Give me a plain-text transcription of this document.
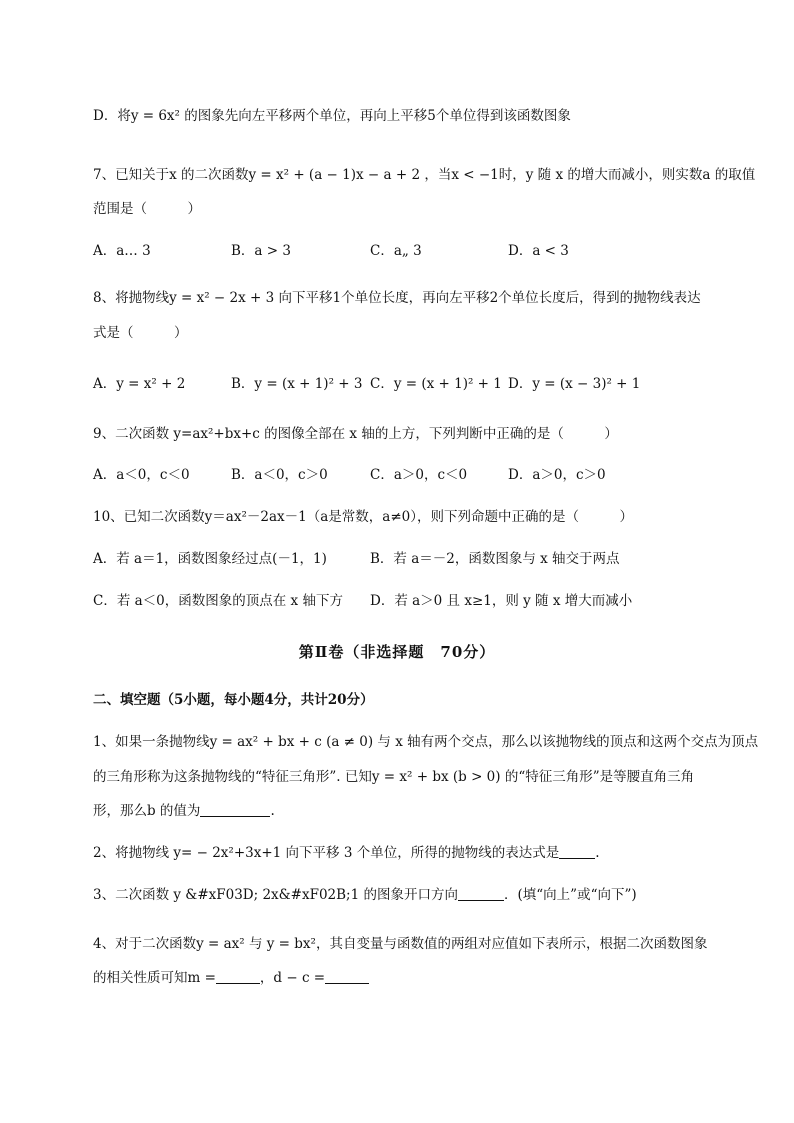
D．将y = 6x² 的图象先向左平移两个单位，再向上平移5个单位得到该函数图象
7、已知关于x 的二次函数y = x² + (a − 1)x − a + 2 ，当x < −1时，y 随 x 的增大而减小，则实数a 的取值
范围是（　　　）
A．a… 3	B．a > 3	C．a„ 3	D．a < 3
8、将抛物线y = x² − 2x + 3 向下平移1个单位长度，再向左平移2个单位长度后，得到的抛物线表达
式是（　　　）
A．y = x² + 2	B．y = (x + 1)² + 3 C．y = (x + 1)² + 1 D．y = (x − 3)² + 1
9、二次函数 y=ax²+bx+c 的图像全部在 x 轴的上方，下列判断中正确的是（　　　）
A．a＜0，c＜0	B．a＜0，c＞0	C．a＞0，c＜0	D．a＞0，c＞0
10、已知二次函数y＝ax²－2ax－1（a是常数，a≠0），则下列命题中正确的是（　　　）
A．若 a＝1，函数图象经过点(－1，1)	B．若 a＝－2，函数图象与 x 轴交于两点
C．若 a＜0，函数图象的顶点在 x 轴下方 D．若 a＞0 且 x≥1，则 y 随 x 增大而减小
第Ⅱ卷（非选择题　70分）
二、填空题（5小题，每小题4分，共计20分）
1、如果一条抛物线y = ax² + bx + c (a ≠ 0) 与 x 轴有两个交点，那么以该抛物线的顶点和这两个交点为顶点
的三角形称为这条抛物线的“特征三角形”. 已知y = x² + bx (b > 0) 的“特征三角形”是等腰直角三角
形，那么b 的值为	.
2、将抛物线 y= − 2x²+3x+1 向下平移 3 个单位，所得的抛物线的表达式是	.
3、二次函数 y &#xF03D; 2x&#xF02B;1 的图象开口方向	．(填“向上”或“向下”)
4、对于二次函数y = ax² 与 y = bx²，其自变量与函数值的两组对应值如下表所示，根据二次函数图象
的相关性质可知m =	，d − c =
